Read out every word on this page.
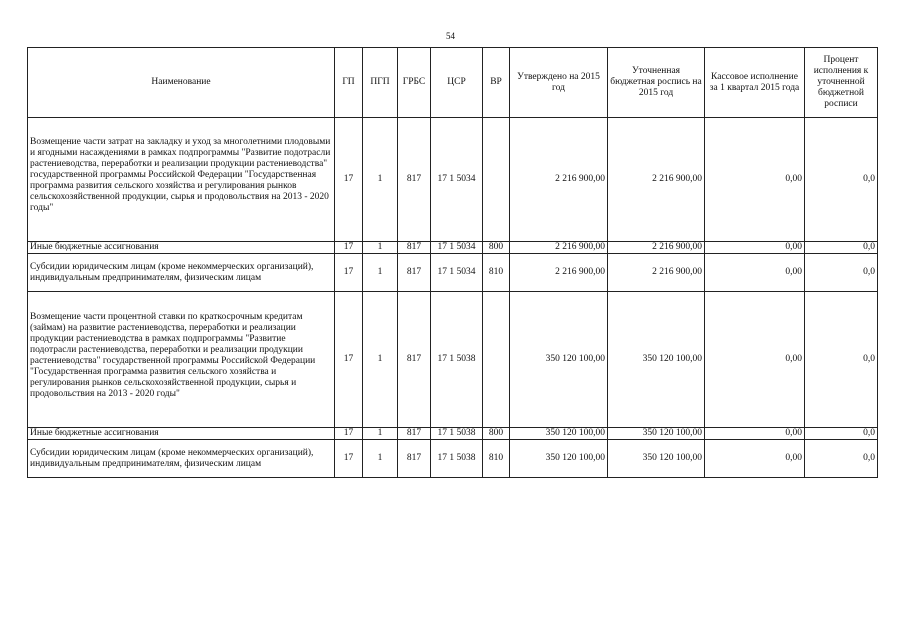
54
Наименование	ГП	ПГП	ГРБС	ЦСР	ВР	Утверждено на 2015 год	Уточненная бюджетная роспись на 2015 год	Кассовое исполнение за 1 квартал 2015 года	Процент исполнения к уточненной бюджетной росписи
Возмещение части затрат на закладку и уход за многолетними плодовыми и ягодными насаждениями в рамках подпрограммы "Развитие подотрасли растениеводства, переработки и реализации продукции растениеводства" государственной программы Российской Федерации "Государственная программа развития сельского хозяйства и регулирования рынков сельскохозяйственной продукции, сырья и продовольствия на 2013 - 2020 годы"	17	1	817	17 1 5034		2 216 900,00	2 216 900,00	0,00	0,0
Иные бюджетные ассигнования	17	1	817	17 1 5034	800	2 216 900,00	2 216 900,00	0,00	0,0
Субсидии юридическим лицам (кроме некоммерческих организаций), индивидуальным предпринимателям, физическим лицам	17	1	817	17 1 5034	810	2 216 900,00	2 216 900,00	0,00	0,0
Возмещение части процентной ставки по краткосрочным кредитам (займам) на развитие растениеводства, переработки и реализации продукции растениеводства в рамках подпрограммы "Развитие подотрасли растениеводства, переработки и реализации продукции растениеводства" государственной программы Российской Федерации "Государственная программа развития сельского хозяйства и регулирования рынков сельскохозяйственной продукции, сырья и продовольствия на 2013 - 2020 годы"	17	1	817	17 1 5038		350 120 100,00	350 120 100,00	0,00	0,0
Иные бюджетные ассигнования	17	1	817	17 1 5038	800	350 120 100,00	350 120 100,00	0,00	0,0
Субсидии юридическим лицам (кроме некоммерческих организаций), индивидуальным предпринимателям, физическим лицам	17	1	817	17 1 5038	810	350 120 100,00	350 120 100,00	0,00	0,0
